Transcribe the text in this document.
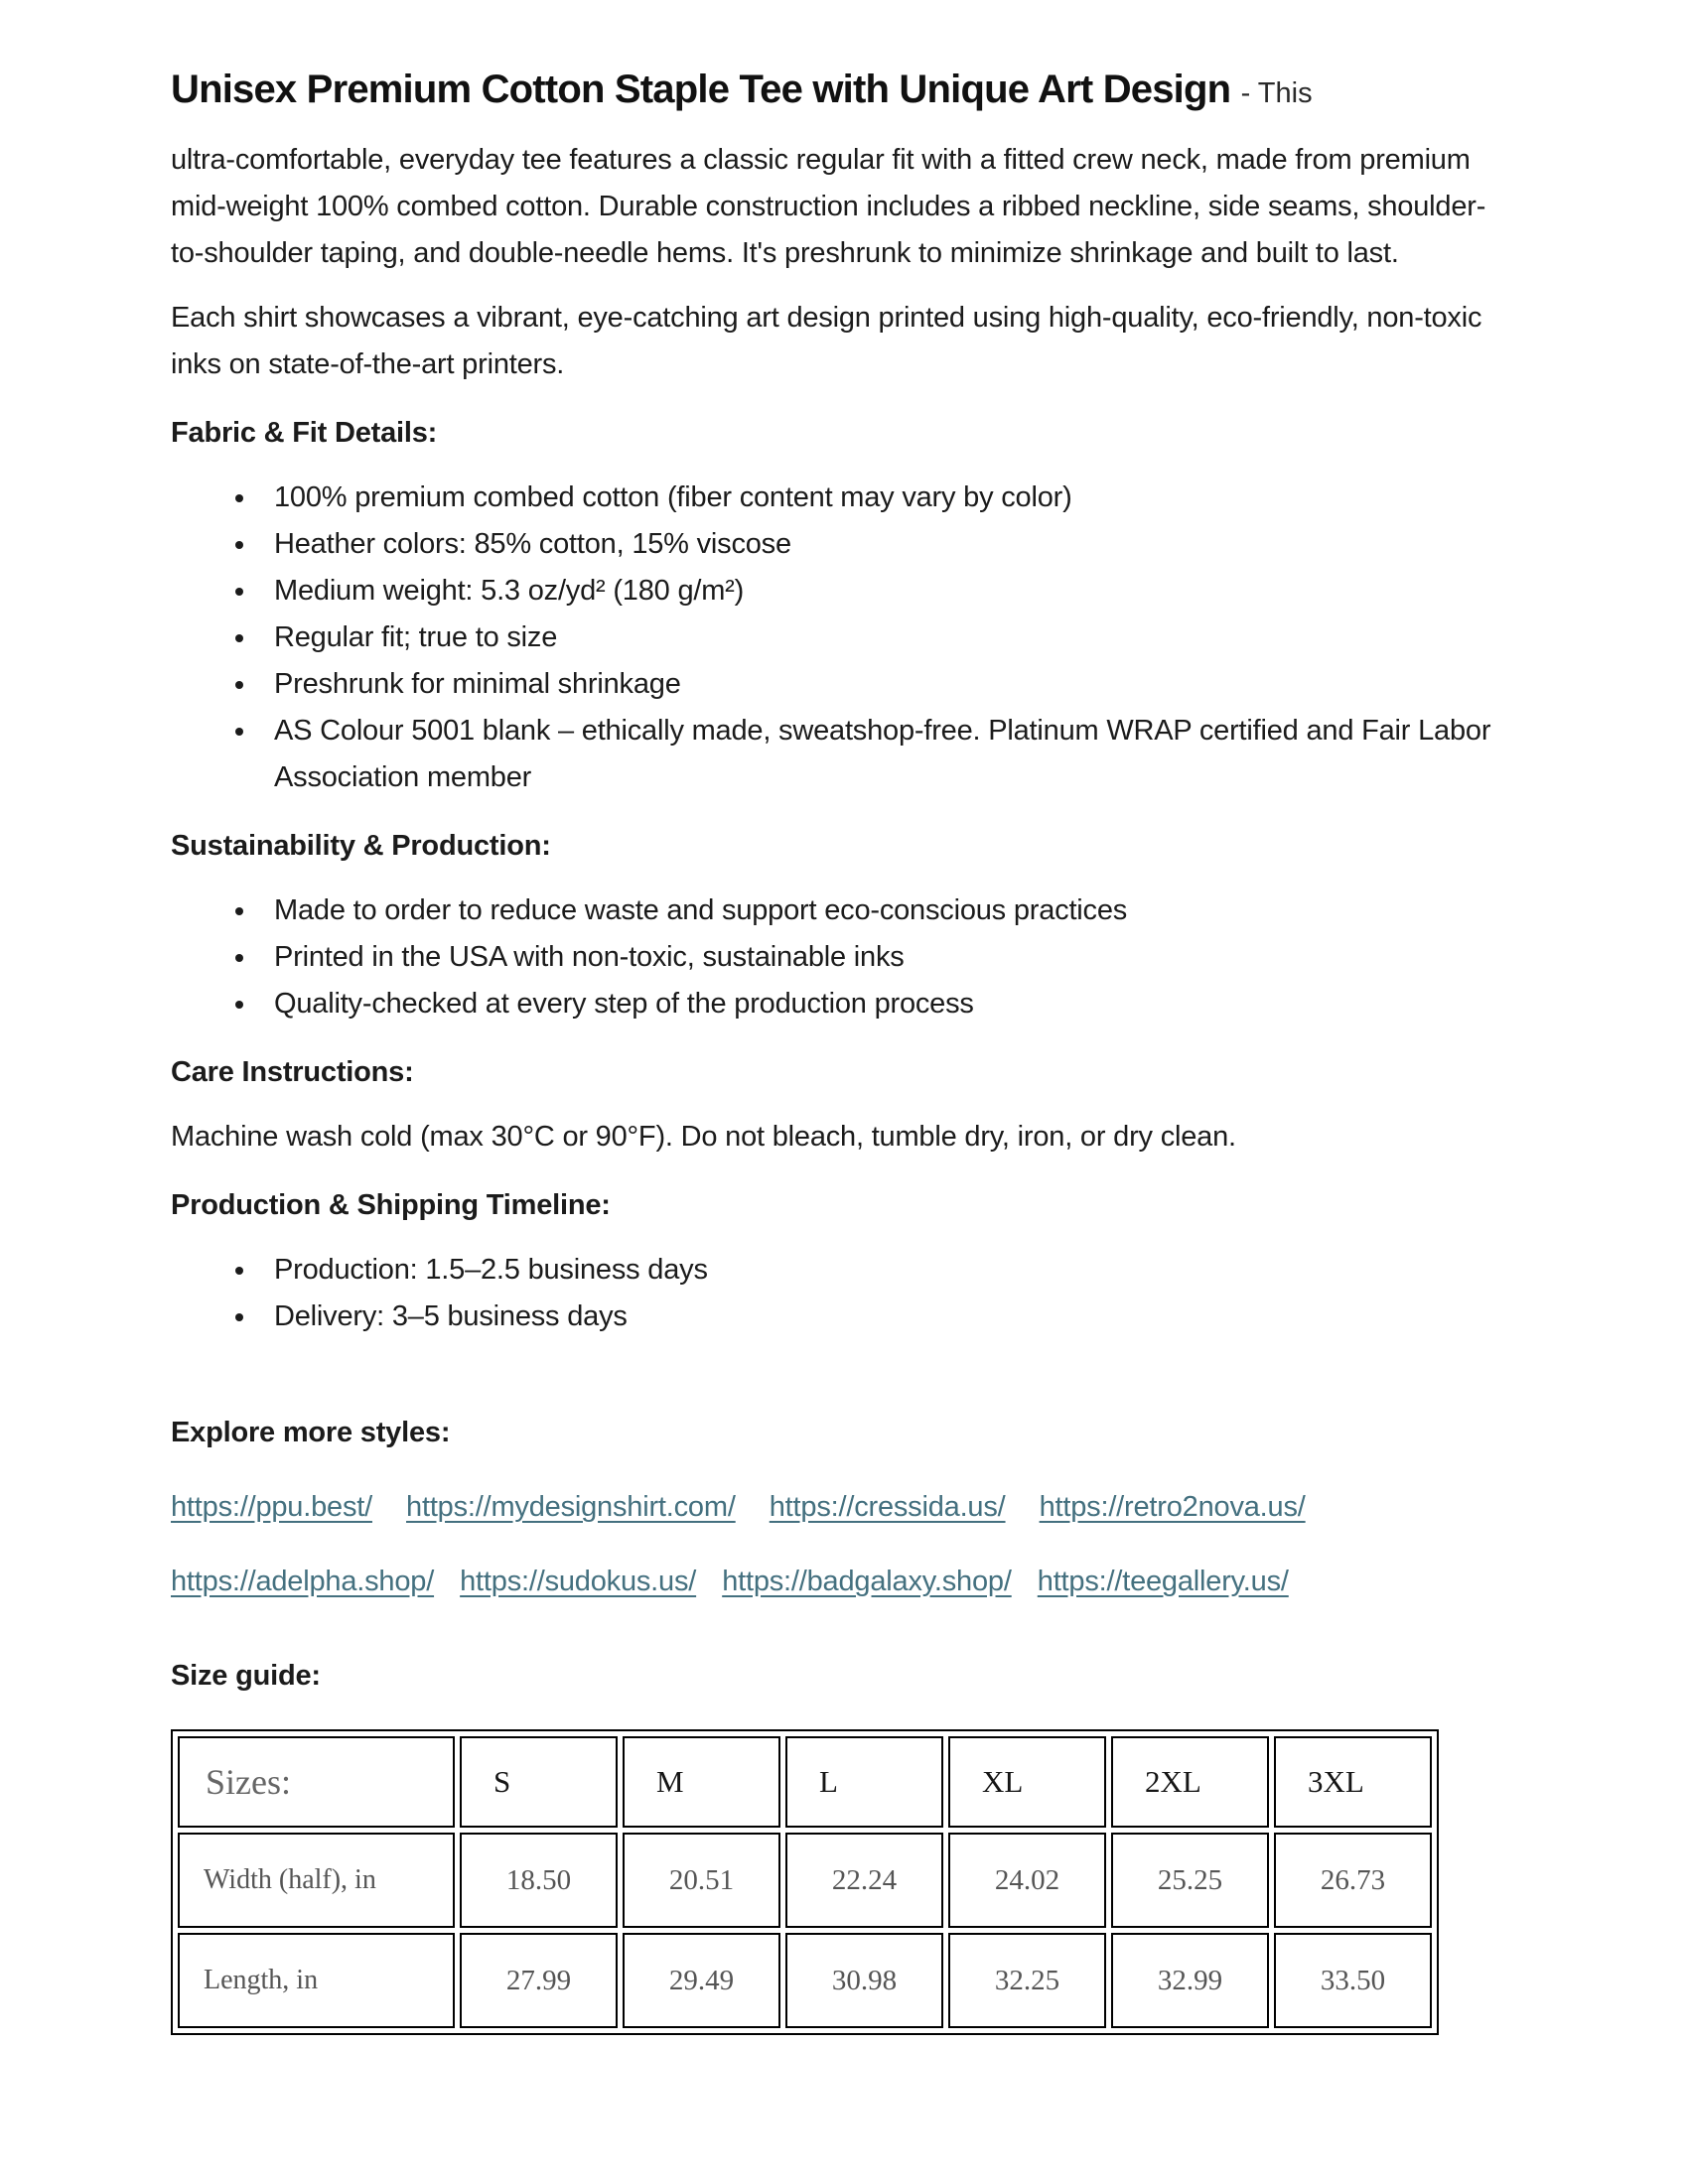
Unisex Premium Cotton Staple Tee with Unique Art Design - This

ultra-comfortable, everyday tee features a classic regular fit with a fitted crew neck, made from premium mid-weight 100% combed cotton. Durable construction includes a ribbed neckline, side seams, shoulder-to-shoulder taping, and double-needle hems. It's preshrunk to minimize shrinkage and built to last.

Each shirt showcases a vibrant, eye-catching art design printed using high-quality, eco-friendly, non-toxic inks on state-of-the-art printers.

Fabric & Fit Details:
• 100% premium combed cotton (fiber content may vary by color)
• Heather colors: 85% cotton, 15% viscose
• Medium weight: 5.3 oz/yd² (180 g/m²)
• Regular fit; true to size
• Preshrunk for minimal shrinkage
• AS Colour 5001 blank – ethically made, sweatshop-free. Platinum WRAP certified and Fair Labor Association member
Sustainability & Production:
• Made to order to reduce waste and support eco-conscious practices
• Printed in the USA with non-toxic, sustainable inks
• Quality-checked at every step of the production process
Care Instructions:

Machine wash cold (max 30°C or 90°F). Do not bleach, tumble dry, iron, or dry clean.

Production & Shipping Timeline:
• Production: 1.5–2.5 business days
• Delivery: 3–5 business days
Explore more styles:

https://ppu.best/ https://mydesignshirt.com/ https://cressida.us/ https://retro2nova.us/

https://adelpha.shop/ https://sudokus.us/ https://badgalaxy.shop/ https://teegallery.us/

Size guide:
Sizes:	S	M	L	XL	2XL	3XL
Width (half), in	18.50	20.51	22.24	24.02	25.25	26.73
Length, in	27.99	29.49	30.98	32.25	32.99	33.50
